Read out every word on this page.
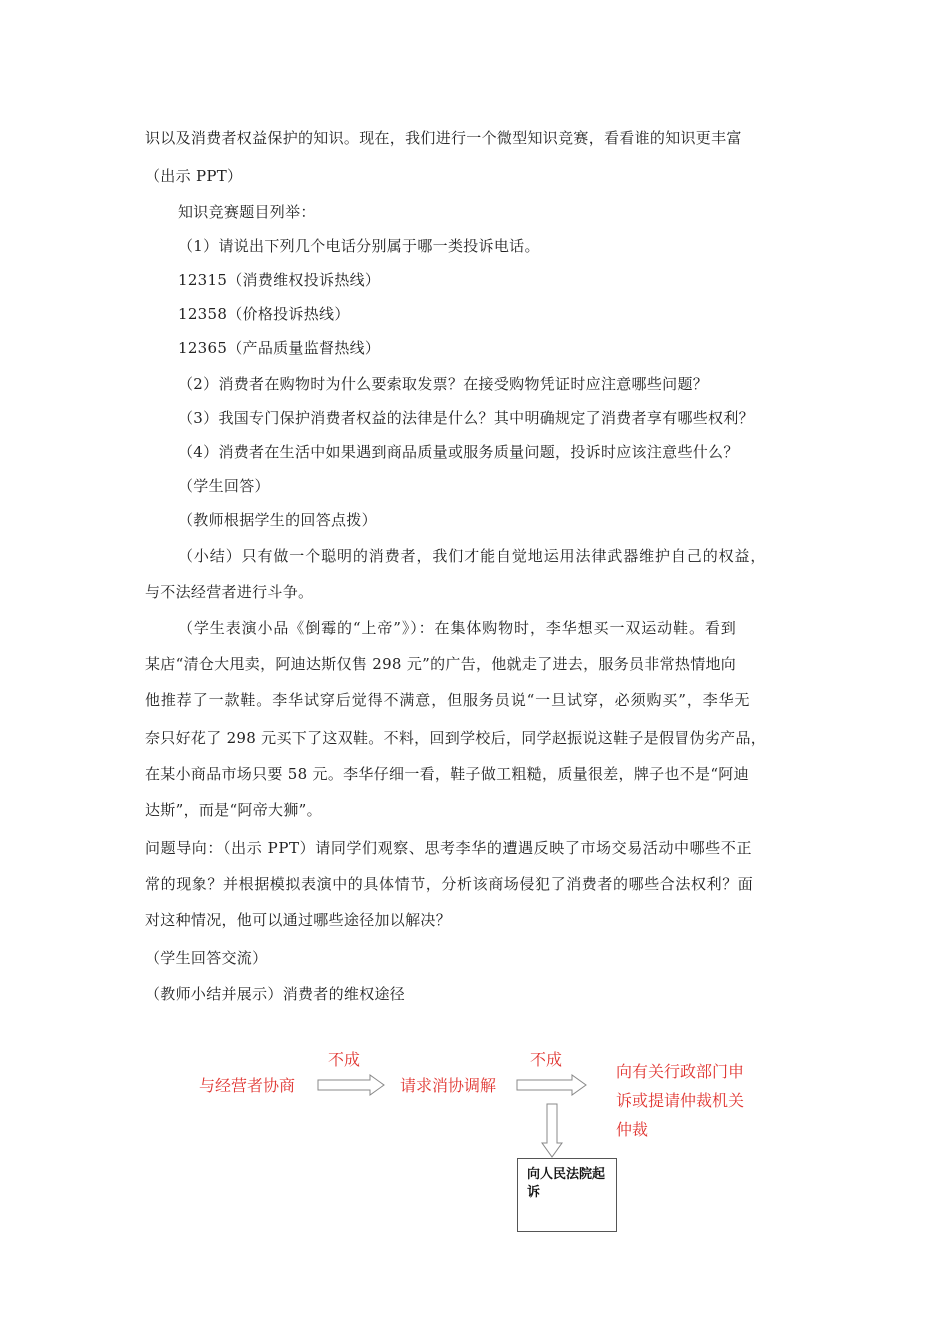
识以及消费者权益保护的知识。现在，我们进行一个微型知识竞赛，看看谁的知识更丰富
（出示 PPT）
知识竞赛题目列举：
（1）请说出下列几个电话分别属于哪一类投诉电话。
12315（消费维权投诉热线）
12358（价格投诉热线）
12365（产品质量监督热线）
（2）消费者在购物时为什么要索取发票？在接受购物凭证时应注意哪些问题？
（3）我国专门保护消费者权益的法律是什么？其中明确规定了消费者享有哪些权利？
（4）消费者在生活中如果遇到商品质量或服务质量问题，投诉时应该注意些什么？
（学生回答）
（教师根据学生的回答点拨）
（小结）只有做一个聪明的消费者，我们才能自觉地运用法律武器维护自己的权益，
与不法经营者进行斗争。
（学生表演小品《倒霉的“上帝”》）：在集体购物时，李华想买一双运动鞋。看到
某店“清仓大甩卖，阿迪达斯仅售 298 元”的广告，他就走了进去，服务员非常热情地向
他推荐了一款鞋。李华试穿后觉得不满意，但服务员说“一旦试穿，必须购买”，李华无
奈只好花了 298 元买下了这双鞋。不料，回到学校后，同学赵振说这鞋子是假冒伪劣产品，
在某小商品市场只要 58 元。李华仔细一看，鞋子做工粗糙，质量很差，牌子也不是“阿迪
达斯”，而是“阿帝大狮”。
问题导向：（出示 PPT）请同学们观察、思考李华的遭遇反映了市场交易活动中哪些不正
常的现象？并根据模拟表演中的具体情节，分析该商场侵犯了消费者的哪些合法权利？面
对这种情况，他可以通过哪些途径加以解决？
（学生回答交流）
（教师小结并展示）消费者的维权途径
与经营者协商
不成
请求消协调解
不成
向有关行政部门申
诉或提请仲裁机关
仲裁
向人民法院起诉
